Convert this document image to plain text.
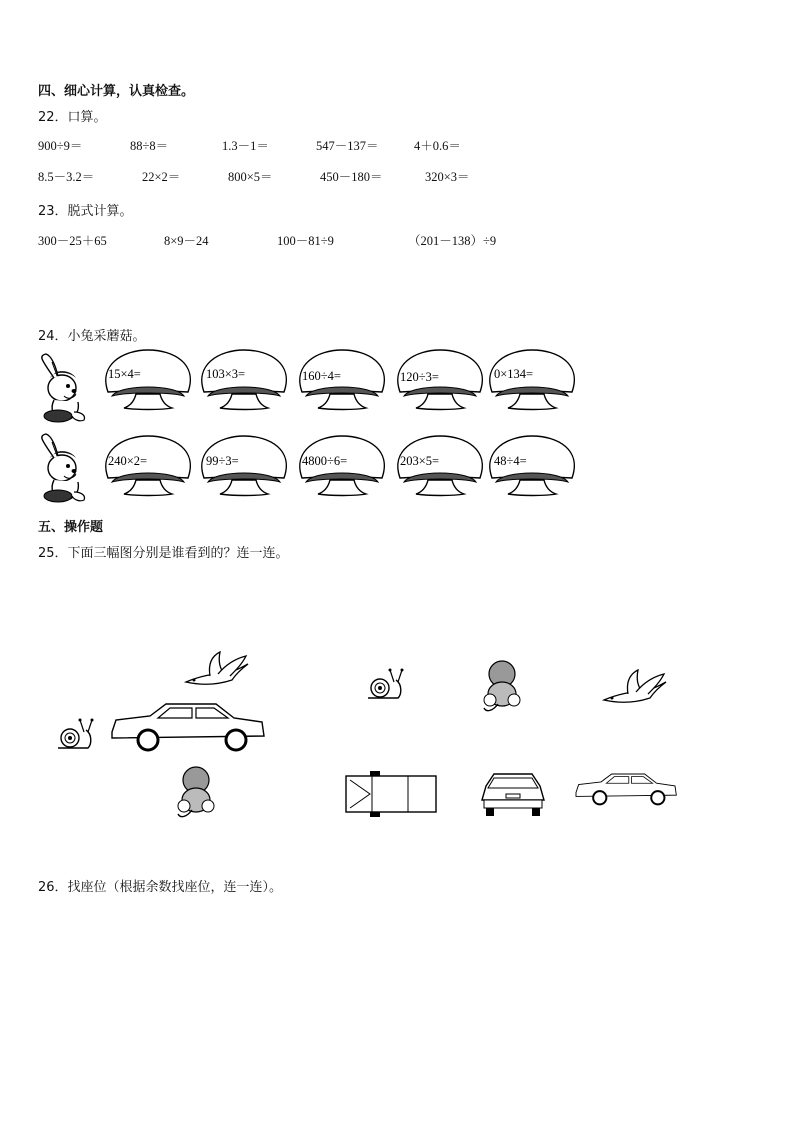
四、细心计算，认真检查。
22．口算。
900÷9＝	88÷8＝	1.3－1＝	547－137＝	4＋0.6＝
8.5－3.2＝	22×2＝	800×5＝	450－180＝	320×3＝
23．脱式计算。
300－25＋65	8×9－24	100－81÷9	（201－138）÷9
24．小兔采蘑菇。
15×4=	103×3=	160÷4=	120÷3=	0×134=
240×2=	99÷3=	4800÷6=	203×5=	48÷4=
五、操作题
25．下面三幅图分别是谁看到的？连一连。
26．找座位（根据余数找座位，连一连）。
